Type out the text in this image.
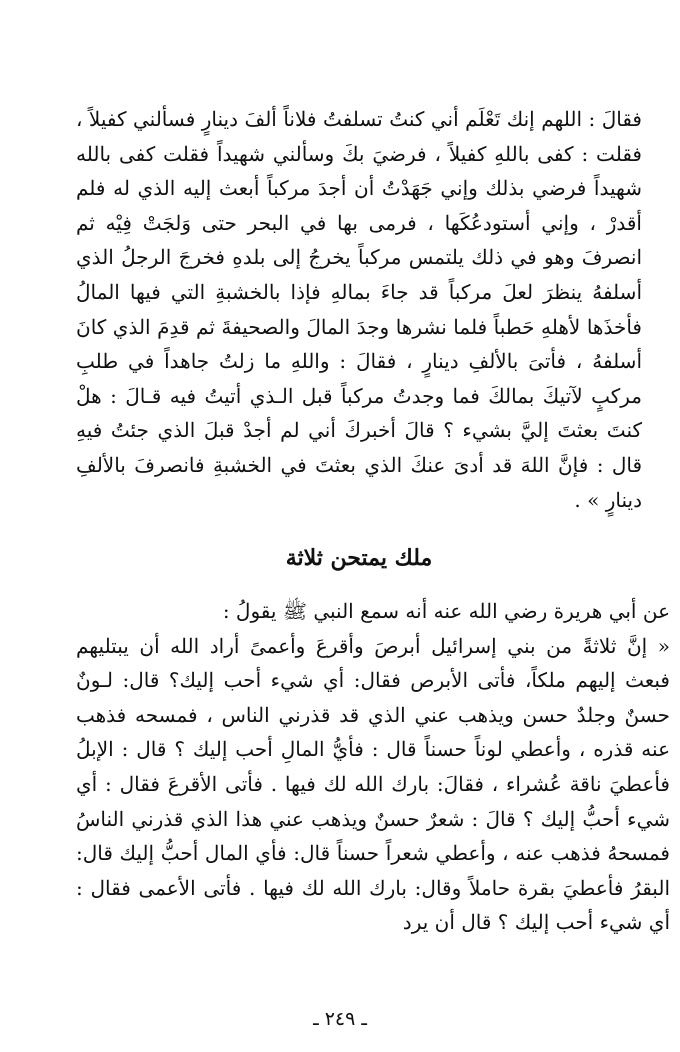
فقالَ : اللهم إنك تَعْلَم أني كنتُ تسلفتُ فلاناً ألفَ دينارٍ فسألني كفيلاً ، فقلت : كفى باللهِ كفيلاً ، فرضيَ بكَ وسألني شهيداً فقلت كفى بالله شهيداً فرضي بذلك وإني جَهَدْتُ أن أجدَ مركباً أبعث إليه الذي له فلم أقدرْ ، وإني أستودعُكَها ، فرمى بها في البحر حتى وَلجَتْ فِيْه ثم انصرفَ وهو في ذلك يلتمس مركباً يخرجُ إلى بلدهِ فخرجَ الرجلُ الذي أسلفهُ ينظرَ لعلَ مركباً قد جاءَ بمالهِ فإذا بالخشبةِ التي فيها المالُ فأخذَها لأهلهِ حَطباً فلما نشرها وجدَ المالَ والصحيفةَ ثم قدِمَ الذي كانَ أسلفهُ ، فأتىَ بالألفِ دينارٍ ، فقالَ : واللهِ ما زلتُ جاهداً في طلبِ مركبٍ لآتيكَ بمالكَ فما وجدتُ مركباً قبل الـذي أتيتُ فيه قـالَ : هلْ كنتَ بعثتَ إليَّ بشيء ؟ قالَ أخبركَ أني لم أجدْ قبلَ الذي جئتُ فيهِ قال : فإنَّ اللهَ قد أدىَ عنكَ الذي بعثتَ في الخشبةِ فانصرفَ بالألفِ دينارٍ » .

ملك يمتحن ثلاثة
عن أبي هريرة رضي الله عنه أنه سمع النبي ﷺ يقولُ :
« إنَّ ثلاثةً من بني إسرائيل أبرصَ وأقرعَ وأعمىً أراد الله أن يبتليهم فبعث إليهم ملكاً، فأتى الأبرص فقال: أي شيء أحب إليك؟ قال: لـونٌ حسنٌ وجلدٌ حسن ويذهب عني الذي قد قذرني الناس ، فمسحه فذهب عنه قذره ، وأعطي لوناً حسناً قال : فأيُّ المالِ أحب إليك ؟ قال : الإبلُ فأعطيَ ناقة عُشراء ، فقالَ: بارك الله لك فيها . فأتى الأقرعَ فقال : أي شيء أحبُّ إليك ؟ قالَ : شعرٌ حسنٌ ويذهب عني هذا الذي قذرني الناسُ فمسحهُ فذهب عنه ، وأعطي شعراً حسناً قال: فأي المال أحبُّ إليك قال: البقرُ فأعطيَ بقرة حاملاً وقال: بارك الله لك فيها . فأتى الأعمى فقال : أي شيء أحب إليك ؟ قال أن يرد
ـ ٢٤٩ ـ
